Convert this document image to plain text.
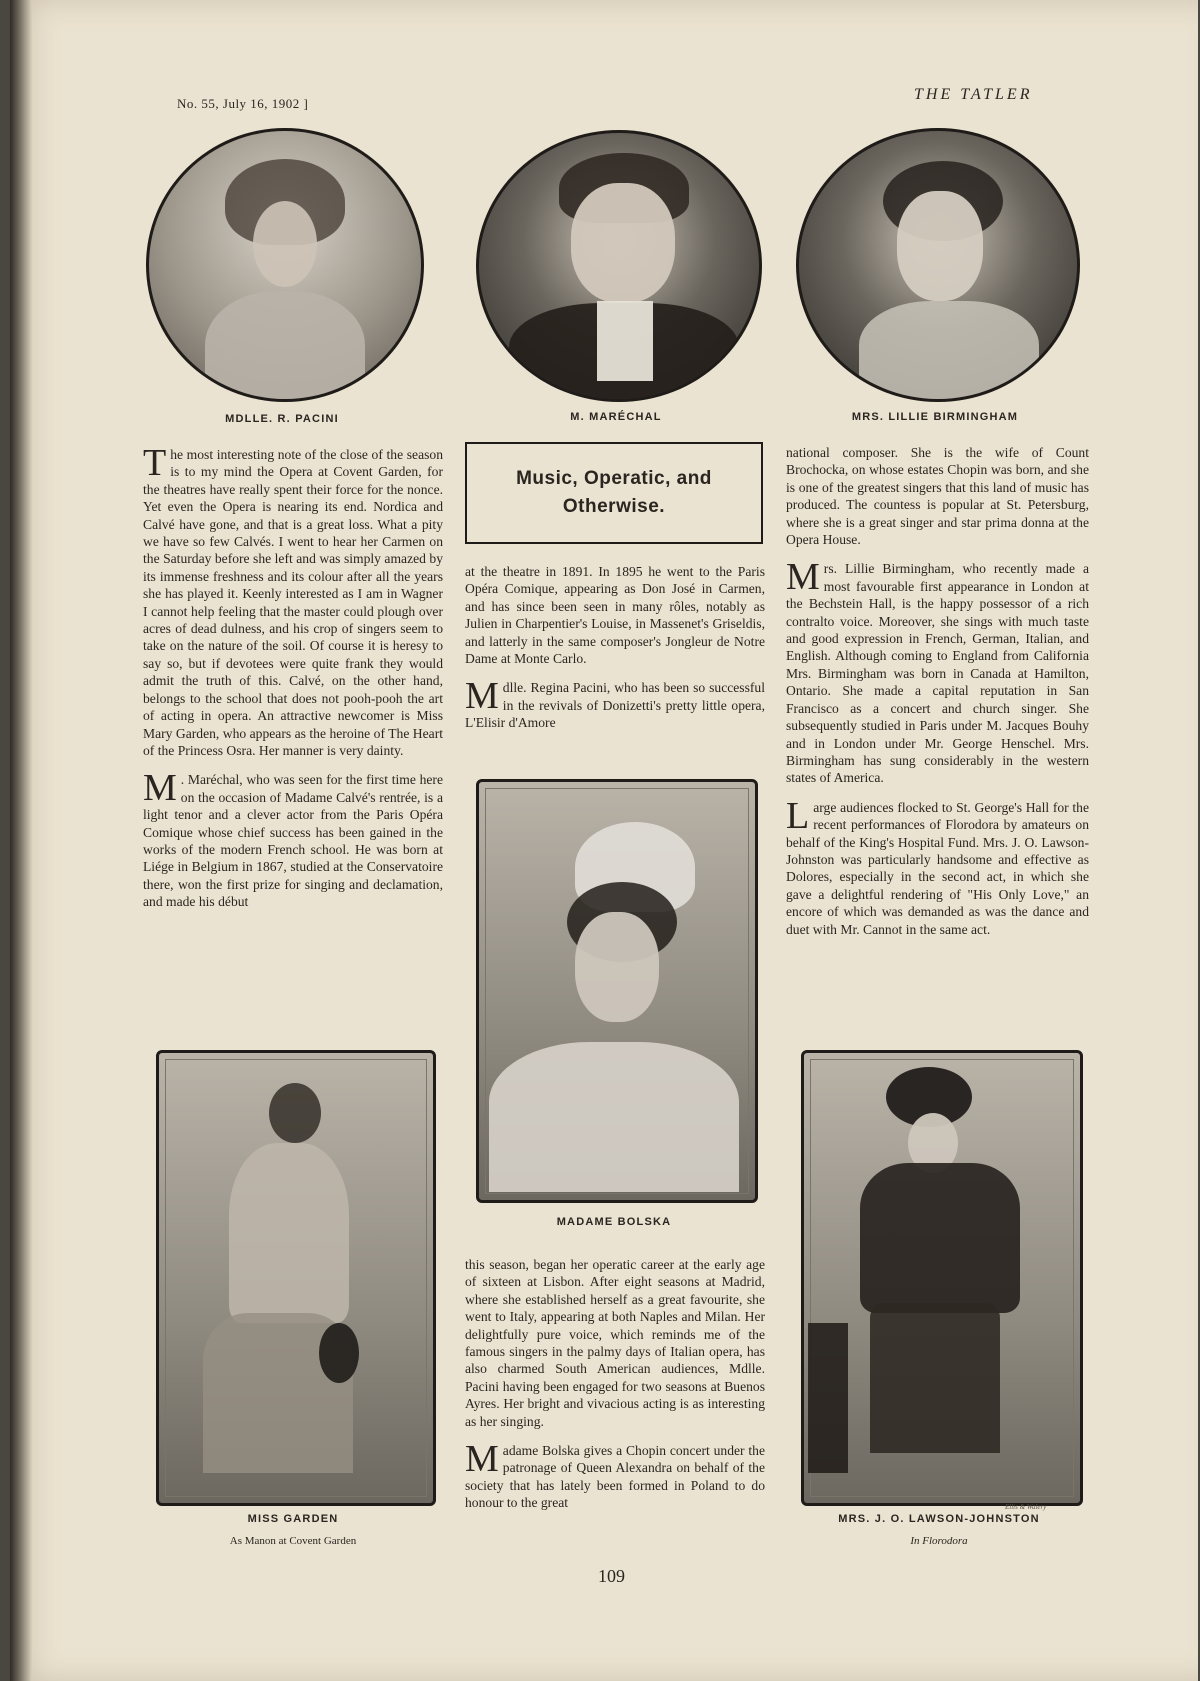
No. 55, July 16, 1902 ]
THE TATLER
MDLLE. R. PACINI	M. MARÉCHAL	MRS. LILLIE BIRMINGHAM
Music, Operatic, and
Otherwise.

The most interesting note of the close of the season is to my mind the Opera at Covent Garden, for the theatres have really spent their force for the nonce. Yet even the Opera is nearing its end. Nordica and Calvé have gone, and that is a great loss. What a pity we have so few Calvés. I went to hear her Carmen on the Saturday before she left and was simply amazed by its immense freshness and its colour after all the years she has played it. Keenly interested as I am in Wagner I cannot help feeling that the master could plough over acres of dead dulness, and his crop of singers seem to take on the nature of the soil. Of course it is heresy to say so, but if devotees were quite frank they would admit the truth of this. Calvé, on the other hand, belongs to the school that does not pooh-pooh the art of acting in opera. An attractive newcomer is Miss Mary Garden, who appears as the heroine of The Heart of the Princess Osra. Her manner is very dainty.

M . Maréchal, who was seen for the first time here on the occasion of Madame Calvé's rentrée, is a light tenor and a clever actor from the Paris Opéra Comique whose chief success has been gained in the works of the modern French school. He was born at Liége in Belgium in 1867, studied at the Conservatoire there, won the first prize for singing and declamation, and made his début

at the theatre in 1891. In 1895 he went to the Paris Opéra Comique, appearing as Don José in Carmen, and has since been seen in many rôles, notably as Julien in Charpentier's Louise, in Massenet's Griseldis, and latterly in the same composer's Jongleur de Notre Dame at Monte Carlo.

Mdlle. Regina Pacini, who has been so successful in the revivals of Donizetti's pretty little opera, L'Elisir d'Amore

this season, began her operatic career at the early age of sixteen at Lisbon. After eight seasons at Madrid, where she established herself as a great favourite, she went to Italy, appearing at both Naples and Milan. Her delightfully pure voice, which reminds me of the famous singers in the palmy days of Italian opera, has also charmed South American audiences, Mdlle. Pacini having been engaged for two seasons at Buenos Ayres. Her bright and vivacious acting is as interesting as her singing.

Madame Bolska gives a Chopin concert under the patronage of Queen Alexandra on behalf of the society that has lately been formed in Poland to do honour to the great

national composer. She is the wife of Count Brochocka, on whose estates Chopin was born, and she is one of the greatest singers that this land of music has produced. The countess is popular at St. Petersburg, where she is a great singer and star prima donna at the Opera House.

Mrs. Lillie Birmingham, who recently made a most favourable first appearance in London at the Bechstein Hall, is the happy possessor of a rich contralto voice. Moreover, she sings with much taste and good expression in French, German, Italian, and English. Although coming to England from California Mrs. Birmingham was born in Canada at Hamilton, Ontario. She made a capital reputation in San Francisco as a concert and church singer. She subsequently studied in Paris under M. Jacques Bouhy and in London under Mr. George Henschel. Mrs. Birmingham has sung considerably in the western states of America.

Large audiences flocked to St. George's Hall for the recent performances of Florodora by amateurs on behalf of the King's Hospital Fund. Mrs. J. O. Lawson-Johnston was particularly handsome and effective as Dolores, especially in the second act, in which she gave a delightful rendering of "His Only Love," an encore of which was demanded as was the dance and duet with Mr. Cannot in the same act.

MADAME BOLSKA
MISS GARDEN
As Manon at Covent Garden
Ellis & Walery
MRS. J. O. LAWSON-JOHNSTON
In Florodora
109
